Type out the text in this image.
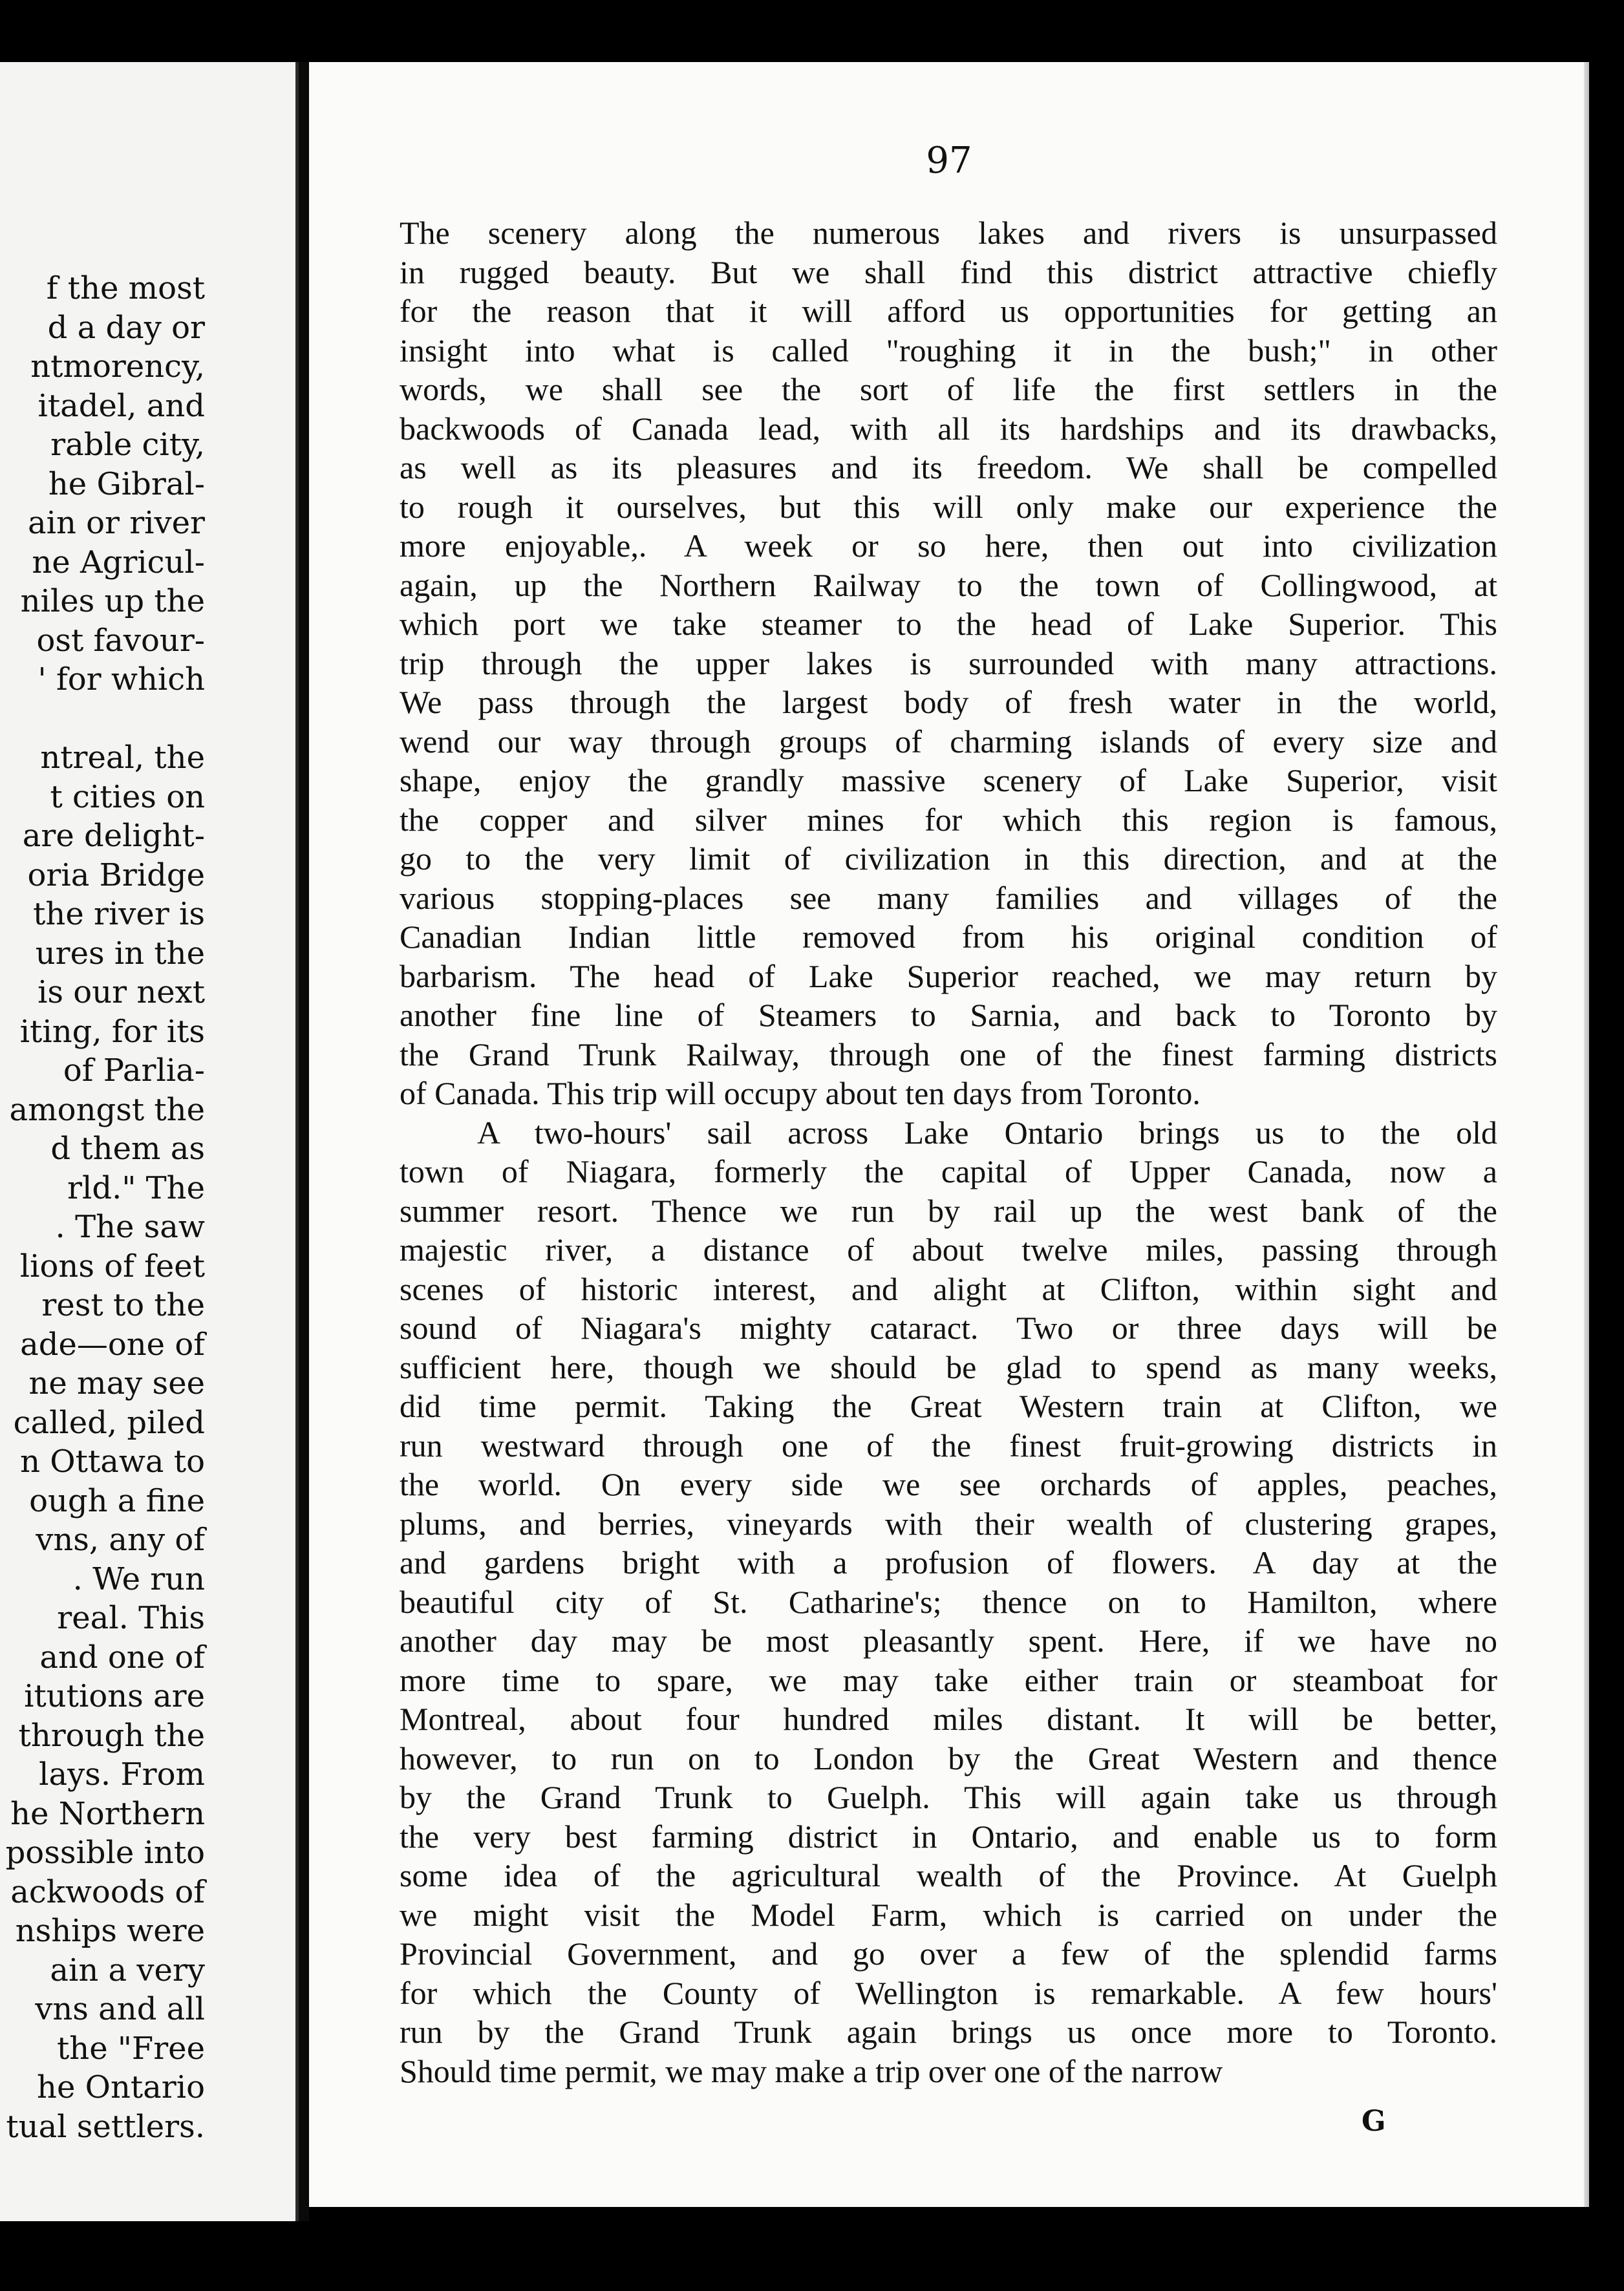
f the most
d a day or
ntmorency,
itadel, and
rable city,
he Gibral-
ain or river
ne Agricul-
niles up the
ost favour-
' for which
ntreal, the
t cities on
are delight-
oria Bridge
the river is
ures in the
is our next
iting, for its
of Parlia-
amongst the
d them as
rld." The
. The saw
lions of feet
rest to the
ade—one of
ne may see
called, piled
n Ottawa to
ough a fine
vns, any of
. We run
real. This
and one of
itutions are
through the
lays. From
he Northern
possible into
ackwoods of
nships were
ain a very
vns and all
the "Free
he Ontario
tual settlers.
97
The scenery along the numerous lakes and rivers is unsurpassed
in rugged beauty. But we shall find this district attractive chiefly
for the reason that it will afford us opportunities for getting an
insight into what is called "roughing it in the bush;" in other
words, we shall see the sort of life the first settlers in the
backwoods of Canada lead, with all its hardships and its drawbacks,
as well as its pleasures and its freedom. We shall be compelled
to rough it ourselves, but this will only make our experience the
more enjoyable,. A week or so here, then out into civilization
again, up the Northern Railway to the town of Collingwood, at
which port we take steamer to the head of Lake Superior. This
trip through the upper lakes is surrounded with many attractions.
We pass through the largest body of fresh water in the world,
wend our way through groups of charming islands of every size and
shape, enjoy the grandly massive scenery of Lake Superior, visit
the copper and silver mines for which this region is famous,
go to the very limit of civilization in this direction, and at the
various stopping-places see many families and villages of the
Canadian Indian little removed from his original condition of
barbarism. The head of Lake Superior reached, we may return by
another fine line of Steamers to Sarnia, and back to Toronto by
the Grand Trunk Railway, through one of the finest farming districts
of Canada. This trip will occupy about ten days from Toronto.
A two-hours' sail across Lake Ontario brings us to the old
town of Niagara, formerly the capital of Upper Canada, now a
summer resort. Thence we run by rail up the west bank of the
majestic river, a distance of about twelve miles, passing through
scenes of historic interest, and alight at Clifton, within sight and
sound of Niagara's mighty cataract. Two or three days will be
sufficient here, though we should be glad to spend as many weeks,
did time permit. Taking the Great Western train at Clifton, we
run westward through one of the finest fruit-growing districts in
the world. On every side we see orchards of apples, peaches,
plums, and berries, vineyards with their wealth of clustering grapes,
and gardens bright with a profusion of flowers. A day at the
beautiful city of St. Catharine's; thence on to Hamilton, where
another day may be most pleasantly spent. Here, if we have no
more time to spare, we may take either train or steamboat for
Montreal, about four hundred miles distant. It will be better,
however, to run on to London by the Great Western and thence
by the Grand Trunk to Guelph. This will again take us through
the very best farming district in Ontario, and enable us to form
some idea of the agricultural wealth of the Province. At Guelph
we might visit the Model Farm, which is carried on under the
Provincial Government, and go over a few of the splendid farms
for which the County of Wellington is remarkable. A few hours'
run by the Grand Trunk again brings us once more to Toronto.
Should time permit, we may make a trip over one of the narrow
G
